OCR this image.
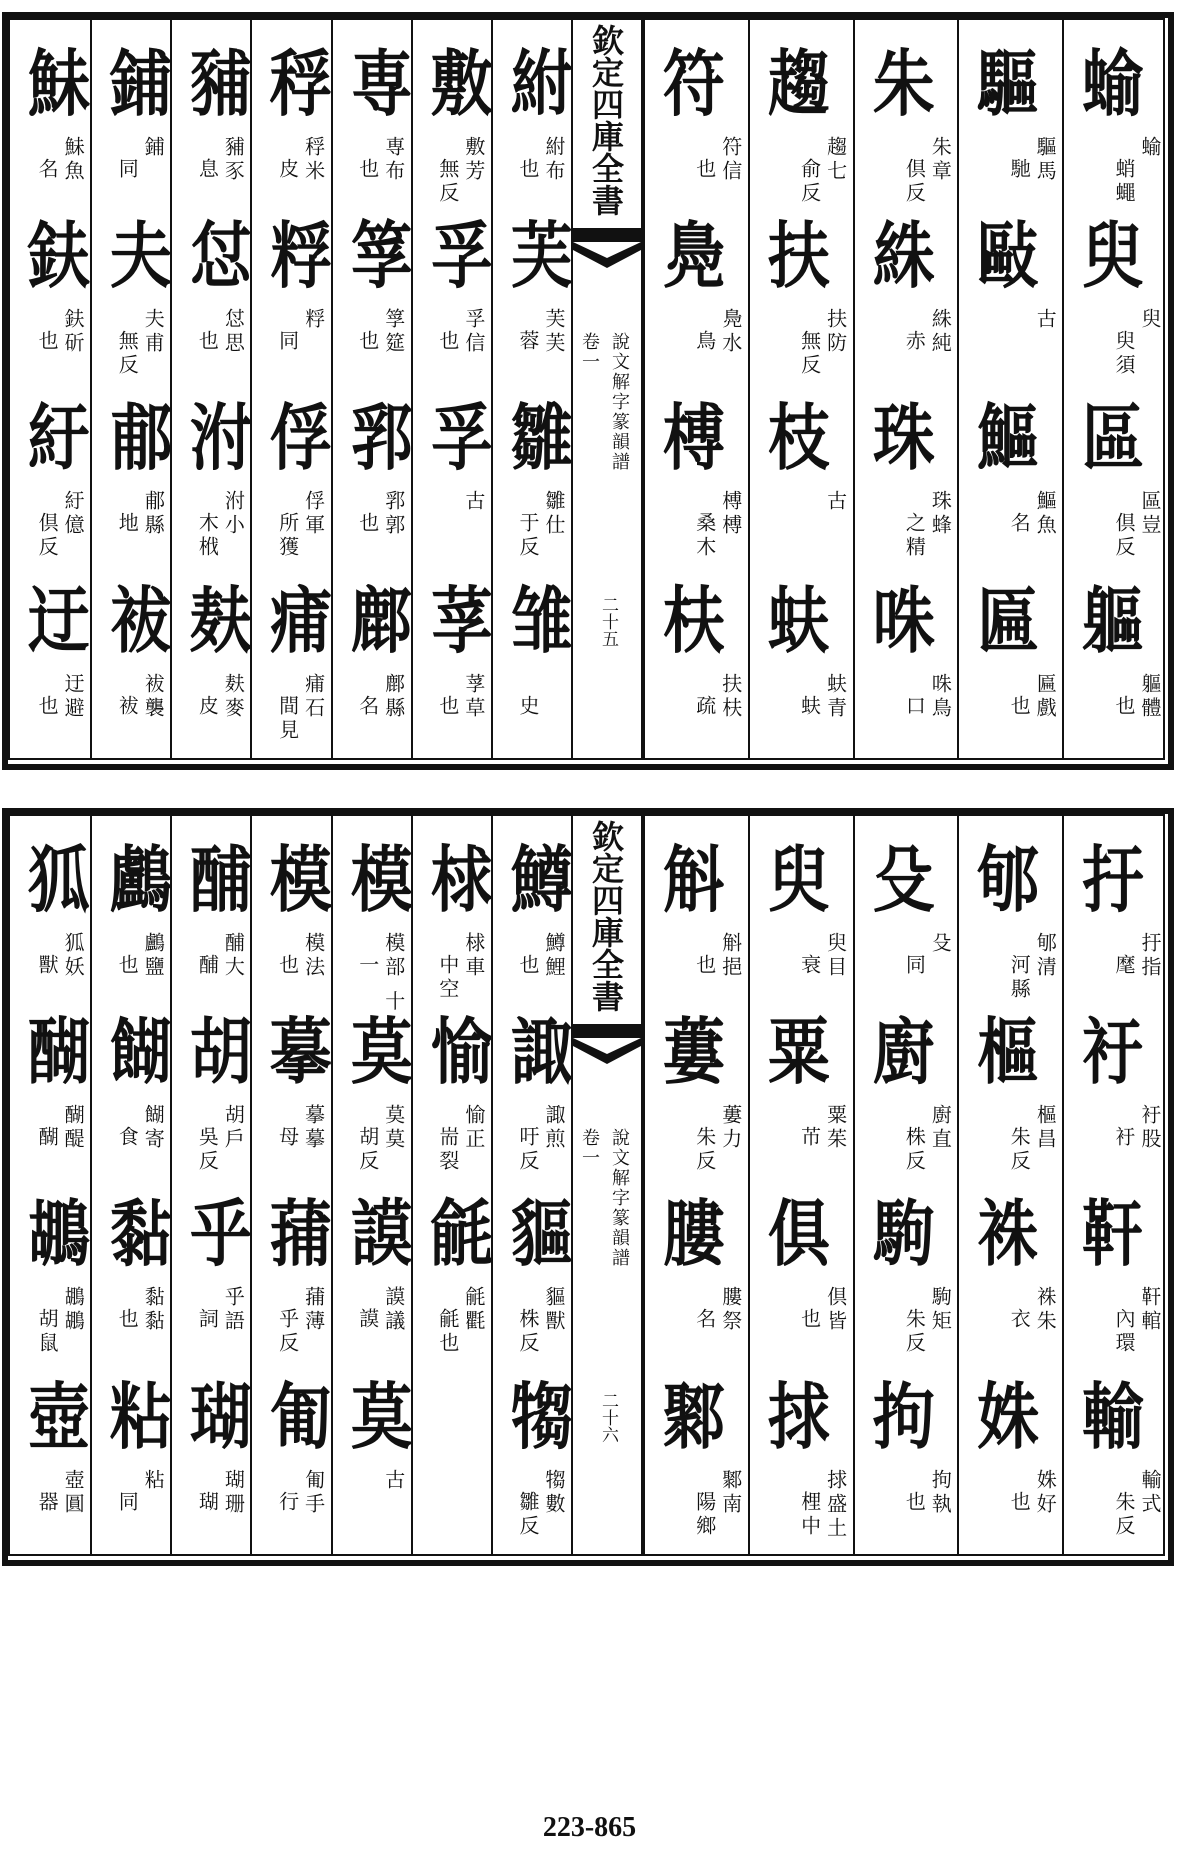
蝓
蝓
蛸蠅
臾
臾
臾須
區
區豈
倶反
軀
軀體
也
驅
驅馬
馳
敺
古
鰸
鰸魚
名
匾
匾戲
也
朱
朱章
倶反
絑
絑純
赤
珠
珠蜂
之精
咮
咮鳥
口
趨
趨七
俞反
扶
扶防
無反
枝
古
蚨
蚨青
蚨
符
符信
也
鳧
鳧水
鳥
榑
榑榑
桑木
枎
扶枎
疏
紨
紨布
也
芙
芙芙
蓉
雛
雛仕
于反
雏
史
敷
敷芳
無反
孚
孚信
也
孚
古
莩
莩草
也
専
専布
也
筟
筟筵
也
郛
郛郭
也
鄜
鄜縣
名
稃
稃米
皮
粰
粰
同
俘
俘軍
所獲
痡
痡石
間見
豧
豧豕
息
怤
怤思
也
泭
泭小
木栰
麸
麸麥
皮
鋪
鋪
同
夫
夫甫
無反
郙
郙縣
地
袚
袚襲
袚
鮇
鮇魚
名
鈇
鈇斫
也
紆
紆億
倶反
迂
迂避
也
欽定四庫全書
卷一 說文解字篆韻譜
二十五
扜
扜指
麾
衧
衧股
衧
靬
靬輨
內環
輸
輸式
朱反
郇
郇清
河縣
樞
樞昌
朱反
袾
袾朱
衣
姝
姝好
也
殳
殳
同
廚
廚直
株反
駒
駒矩
朱反
拘
拘執
也
臾
臾目
衰
粟
粟茱
芇
俱
倶皆
也
捄
捄盛土
梩中
斛
斛挹
也
蔞
蔞力
朱反
膢
膢祭
名
鄹
鄹南
陽鄉
鱒
鱒鯉
也
諏
諏煎
吁反
貙
貙獸
株反
犓
犓數
雛反
梂
梂車
中空
愉
愉正
耑裂
毹
毹氍
毹也
模
模部 十
一
莫
莫莫
胡反
謨
謨議
謨
莫
古
模
模法
也
摹
摹摹
母
蒱
蒱薄
乎反
匍
匍手
行
酺
酺大
酺
胡
胡戶
吳反
乎
乎語
詞
瑚
瑚珊
瑚
鸕
鸕鹽
也
餬
餬寄
食
黏
黏黏
也
粘
粘
同
狐
狐妖
獸
醐
醐醍
醐
鶘
鶘鶘
胡鼠
壺
壺圓
器
欽定四庫全書
卷一 說文解字篆韻譜
二十六
223-865
